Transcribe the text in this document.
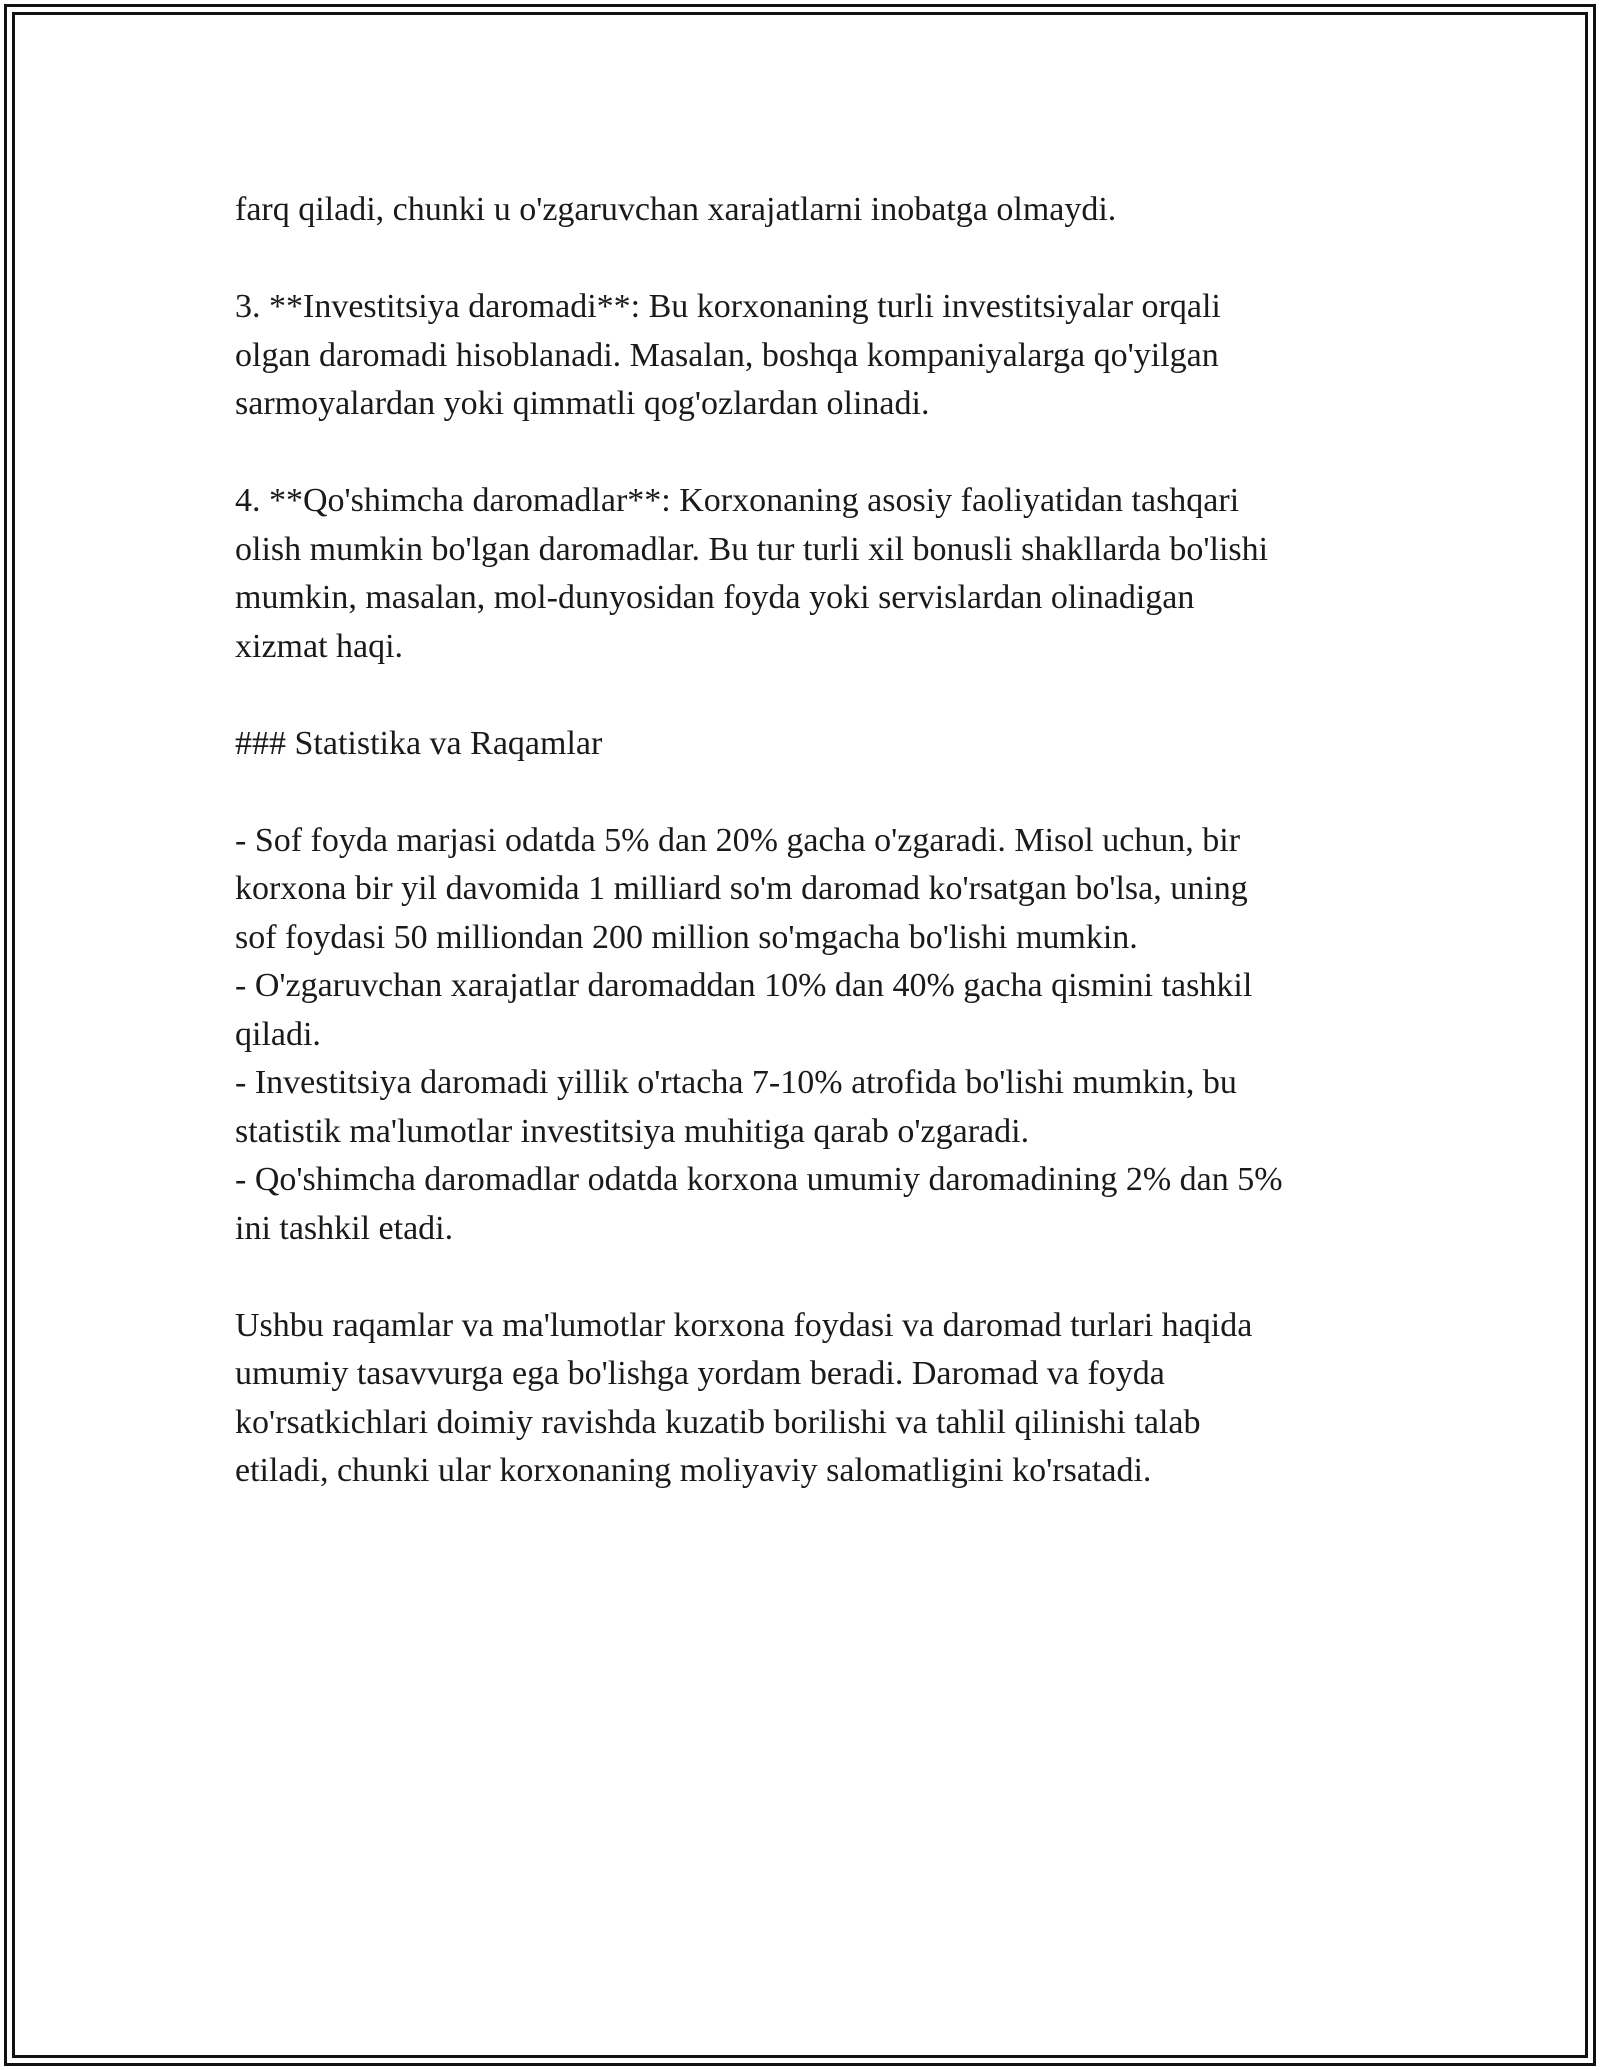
farq qiladi, chunki u o'zgaruvchan xarajatlarni inobatga olmaydi.

3. **Investitsiya daromadi**: Bu korxonaning turli investitsiyalar orqali
olgan daromadi hisoblanadi. Masalan, boshqa kompaniyalarga qo'yilgan
sarmoyalardan yoki qimmatli qog'ozlardan olinadi.

4. **Qo'shimcha daromadlar**: Korxonaning asosiy faoliyatidan tashqari
olish mumkin bo'lgan daromadlar. Bu tur turli xil bonusli shakllarda bo'lishi
mumkin, masalan, mol-dunyosidan foyda yoki servislardan olinadigan
xizmat haqi.

### Statistika va Raqamlar

- Sof foyda marjasi odatda 5% dan 20% gacha o'zgaradi. Misol uchun, bir
korxona bir yil davomida 1 milliard so'm daromad ko'rsatgan bo'lsa, uning
sof foydasi 50 milliondan 200 million so'mgacha bo'lishi mumkin.
- O'zgaruvchan xarajatlar daromaddan 10% dan 40% gacha qismini tashkil
qiladi.
- Investitsiya daromadi yillik o'rtacha 7-10% atrofida bo'lishi mumkin, bu
statistik ma'lumotlar investitsiya muhitiga qarab o'zgaradi.
- Qo'shimcha daromadlar odatda korxona umumiy daromadining 2% dan 5%
ini tashkil etadi.

Ushbu raqamlar va ma'lumotlar korxona foydasi va daromad turlari haqida
umumiy tasavvurga ega bo'lishga yordam beradi. Daromad va foyda
ko'rsatkichlari doimiy ravishda kuzatib borilishi va tahlil qilinishi talab
etiladi, chunki ular korxonaning moliyaviy salomatligini ko'rsatadi.
